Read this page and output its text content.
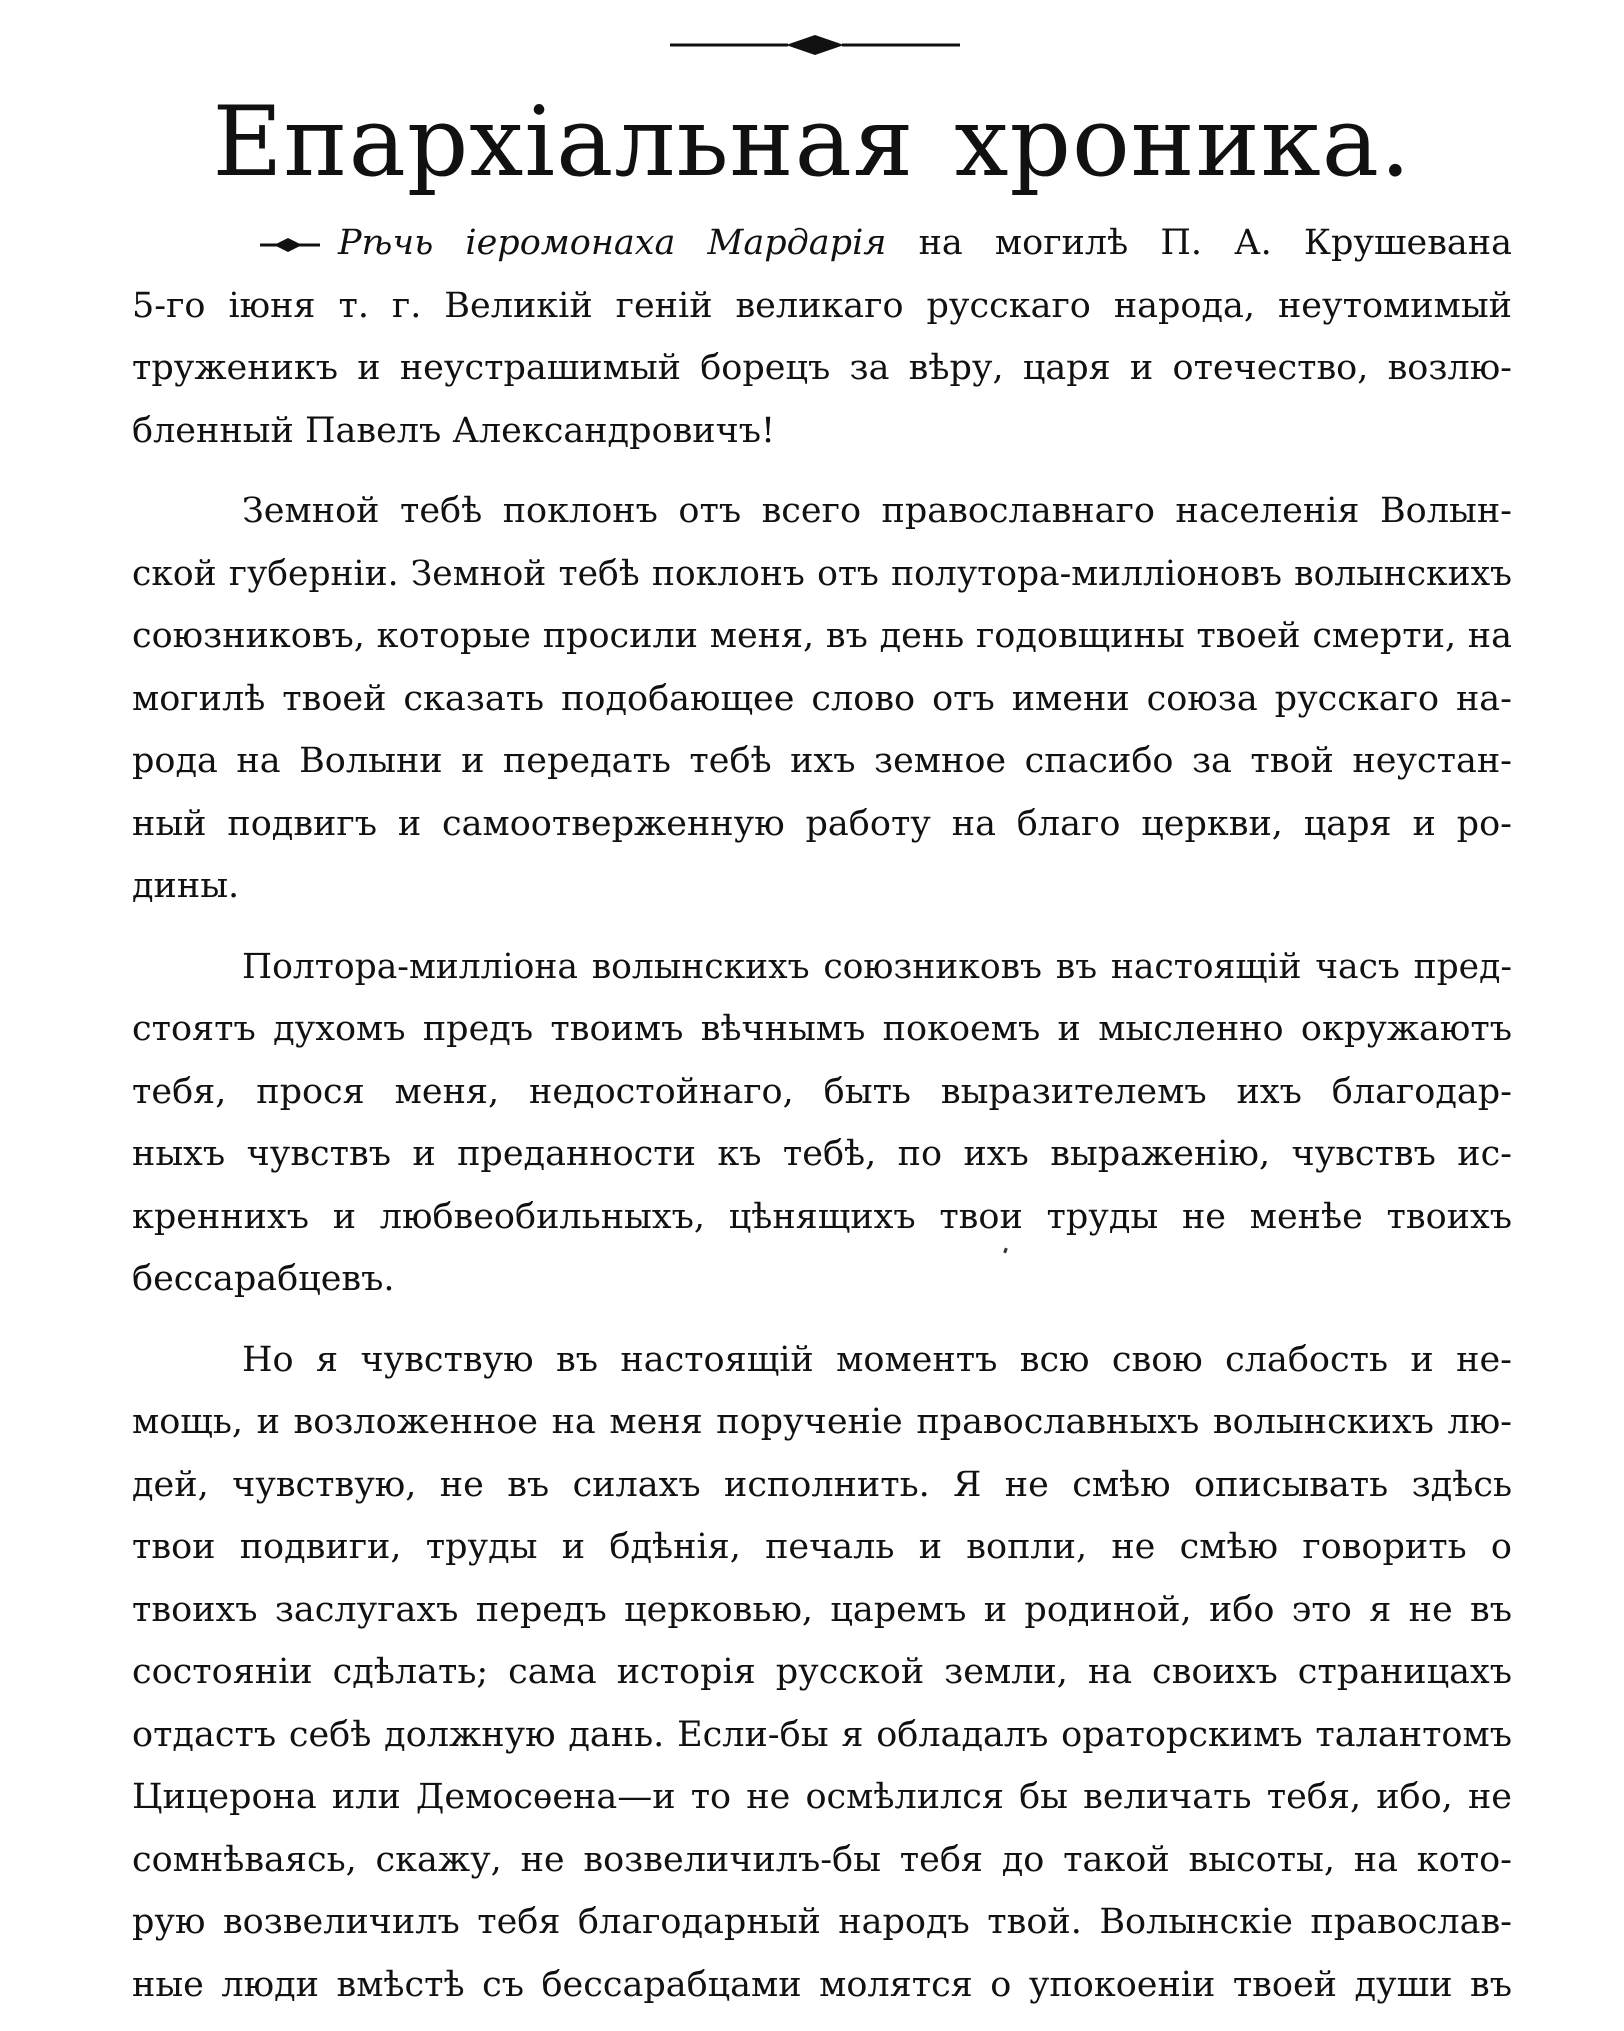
Епархiальная хроника.
Рѣчь iеромонаха Мардарiя на могилѣ П. А. Крушевана
5-го iюня т. г. Великiй генiй великаго русскаго народа, неутомимый
труженикъ и неустрашимый борецъ за вѣру, царя и отечество, возлю-
бленный Павелъ Александровичъ!
Земной тебѣ поклонъ отъ всего православнаго населенiя Волын-
ской губернiи. Земной тебѣ поклонъ отъ полутора-миллiоновъ волынскихъ
союзниковъ, которые просили меня, въ день годовщины твоей смерти, на
могилѣ твоей сказать подобающее слово отъ имени союза русскаго на-
рода на Волыни и передать тебѣ ихъ земное спасибо за твой неустан-
ный подвигъ и самоотверженную работу на благо церкви, царя и ро-
дины.
Полтора-миллiона волынскихъ союзниковъ въ настоящiй часъ пред-
стоятъ духомъ предъ твоимъ вѣчнымъ покоемъ и мысленно окружаютъ
тебя, прося меня, недостойнаго, быть выразителемъ ихъ благодар-
ныхъ чувствъ и преданности къ тебѣ, по ихъ выраженiю, чувствъ ис-
креннихъ и любвеобильныхъ, цѣнящихъ твои труды не менѣе твоихъ
бессарабцевъ.
Но я чувствую въ настоящiй моментъ всю свою слабость и не-
мощь, и возложенное на меня порученiе православныхъ волынскихъ лю-
дей, чувствую, не въ силахъ исполнить. Я не смѣю описывать здѣсь
твои подвиги, труды и бдѣнiя, печаль и вопли, не смѣю говорить о
твоихъ заслугахъ передъ церковью, царемъ и родиной, ибо это я не въ
состоянiи сдѣлать; сама исторiя русской земли, на своихъ страницахъ
отдастъ себѣ должную дань. Если-бы я обладалъ ораторскимъ талантомъ
Цицерона или Демосѳена—и то не осмѣлился бы величать тебя, ибо, не
сомнѣваясь, скажу, не возвеличилъ-бы тебя до такой высоты, на кото-
рую возвеличилъ тебя благодарный народъ твой. Волынскiе православ-
ные люди вмѣстѣ съ бессарабцами молятся о упокоенiи твоей души въ
